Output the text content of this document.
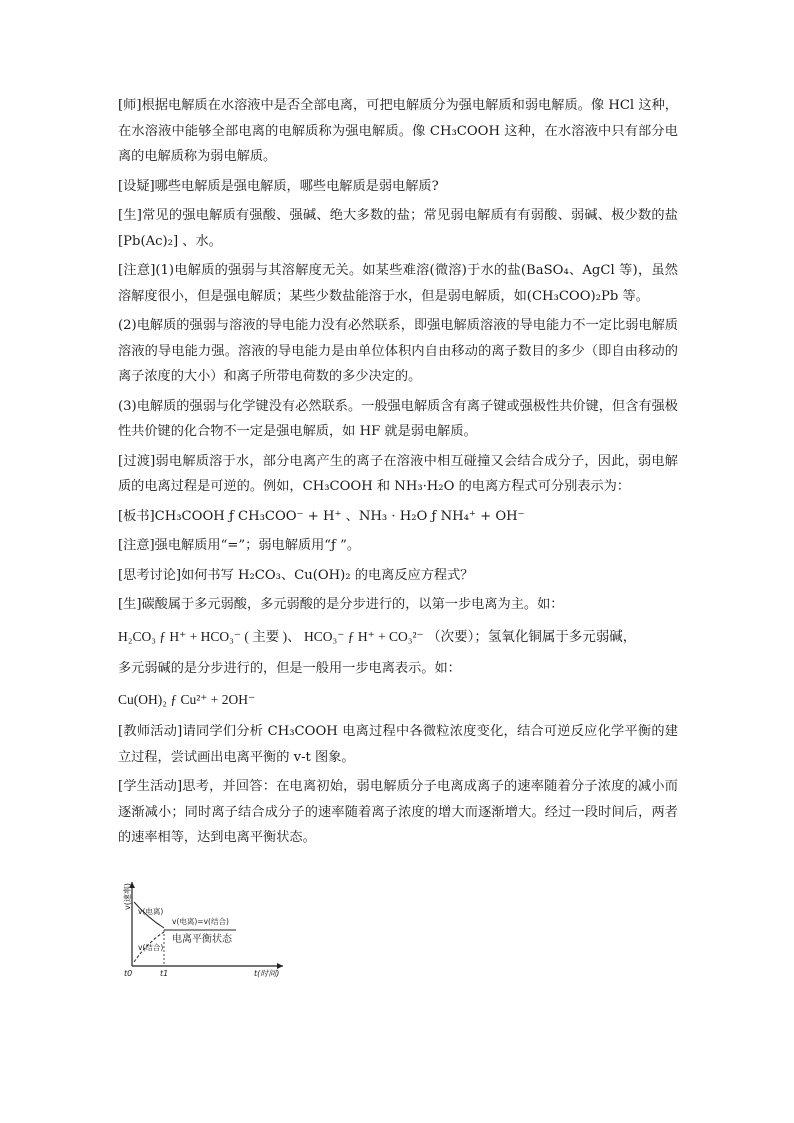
[师]根据电解质在水溶液中是否全部电离，可把电解质分为强电解质和弱电解质。像 HCl 这种，在水溶液中能够全部电离的电解质称为强电解质。像 CH₃COOH 这种，在水溶液中只有部分电离的电解质称为弱电解质。

[设疑]哪些电解质是强电解质，哪些电解质是弱电解质?

[生]常见的强电解质有强酸、强碱、绝大多数的盐；常见弱电解质有有弱酸、弱碱、极少数的盐 [Pb(Ac)₂] 、水。

[注意](1)电解质的强弱与其溶解度无关。如某些难溶(微溶)于水的盐(BaSO₄、AgCl 等)，虽然溶解度很小，但是强电解质；某些少数盐能溶于水，但是弱电解质，如(CH₃COO)₂Pb 等。

(2)电解质的强弱与溶液的导电能力没有必然联系，即强电解质溶液的导电能力不一定比弱电解质溶液的导电能力强。溶液的导电能力是由单位体积内自由移动的离子数目的多少（即自由移动的离子浓度的大小）和离子所带电荷数的多少决定的。

(3)电解质的强弱与化学键没有必然联系。一般强电解质含有离子键或强极性共价键，但含有强极性共价键的化合物不一定是强电解质，如 HF 就是弱电解质。

[过渡]弱电解质溶于水，部分电离产生的离子在溶液中相互碰撞又会结合成分子，因此，弱电解质的电离过程是可逆的。例如，CH₃COOH 和 NH₃·H₂O 的电离方程式可分别表示为：

[板书]CH₃COOH ƒ CH₃COO⁻ + H⁺ 、NH₃ · H₂O ƒ NH₄⁺ + OH⁻

[注意]强电解质用“=”；弱电解质用“ƒ ”。

[思考讨论]如何书写 H₂CO₃、Cu(OH)₂ 的电离反应方程式？

[生]碳酸属于多元弱酸，多元弱酸的是分步进行的，以第一步电离为主。如：

H₂CO₃ ƒ H⁺ + HCO₃⁻ ( 主要 )、 HCO₃⁻ ƒ H⁺ + CO₃²⁻ （次要）；氢氧化铜属于多元弱碱，

多元弱碱的是分步进行的，但是一般用一步电离表示。如：

Cu(OH)₂ ƒ Cu²⁺ + 2OH⁻

[教师活动]请同学们分析 CH₃COOH 电离过程中各微粒浓度变化，结合可逆反应化学平衡的建立过程，尝试画出电离平衡的 v-t 图象。

[学生活动]思考，并回答：在电离初始，弱电解质分子电离成离子的速率随着分子浓度的减小而逐渐减小；同时离子结合成分子的速率随着离子浓度的增大而逐渐增大。经过一段时间后，两者的速率相等，达到电离平衡状态。

v(速率)
v(电离)
v(结合)
v(电离)=v(结合)
电离平衡状态
t0	t1	t(时间)
